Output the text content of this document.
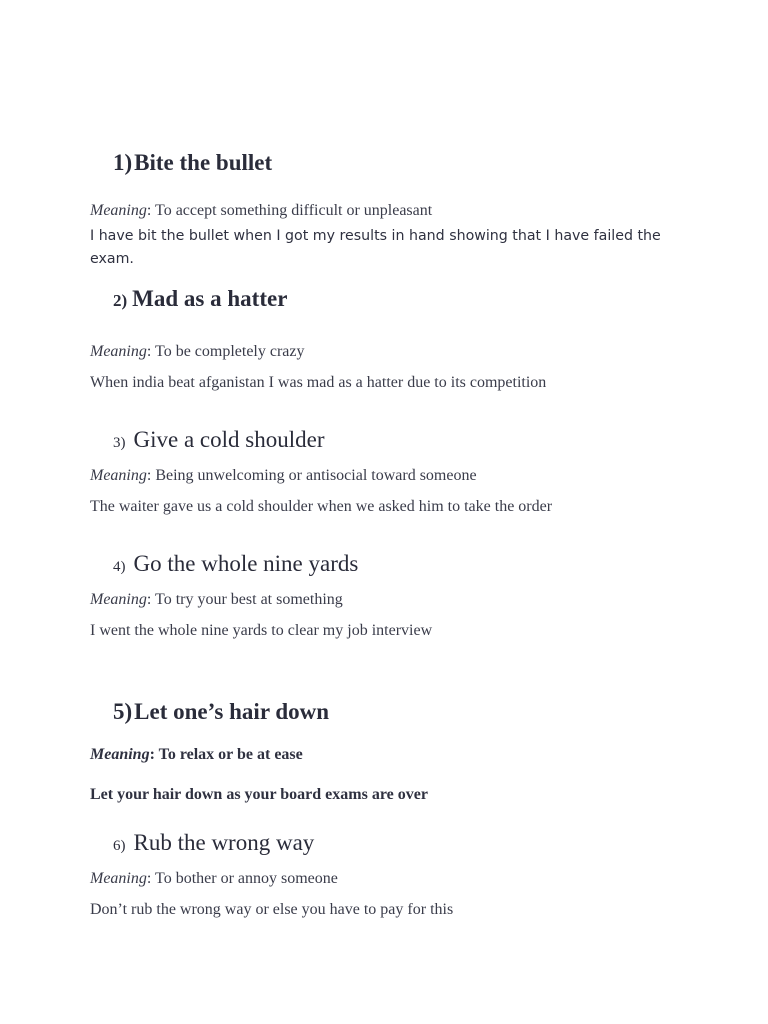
1)Bite the bullet

Meaning: To accept something difficult or unpleasant

I have bit the bullet when I got my results in hand showing that I have failed the exam.

2) Mad as a hatter

Meaning: To be completely crazy

When india beat afganistan I was mad as a hatter due to its competition

3) Give a cold shoulder

Meaning: Being unwelcoming or antisocial toward someone

The waiter gave us a cold shoulder when we asked him to take the order

4) Go the whole nine yards

Meaning: To try your best at something

I went the whole nine yards to clear my job interview

5)Let one’s hair down

Meaning: To relax or be at ease

Let your hair down as your board exams are over

6) Rub the wrong way

Meaning: To bother or annoy someone

Don’t rub the wrong way or else you have to pay for this
